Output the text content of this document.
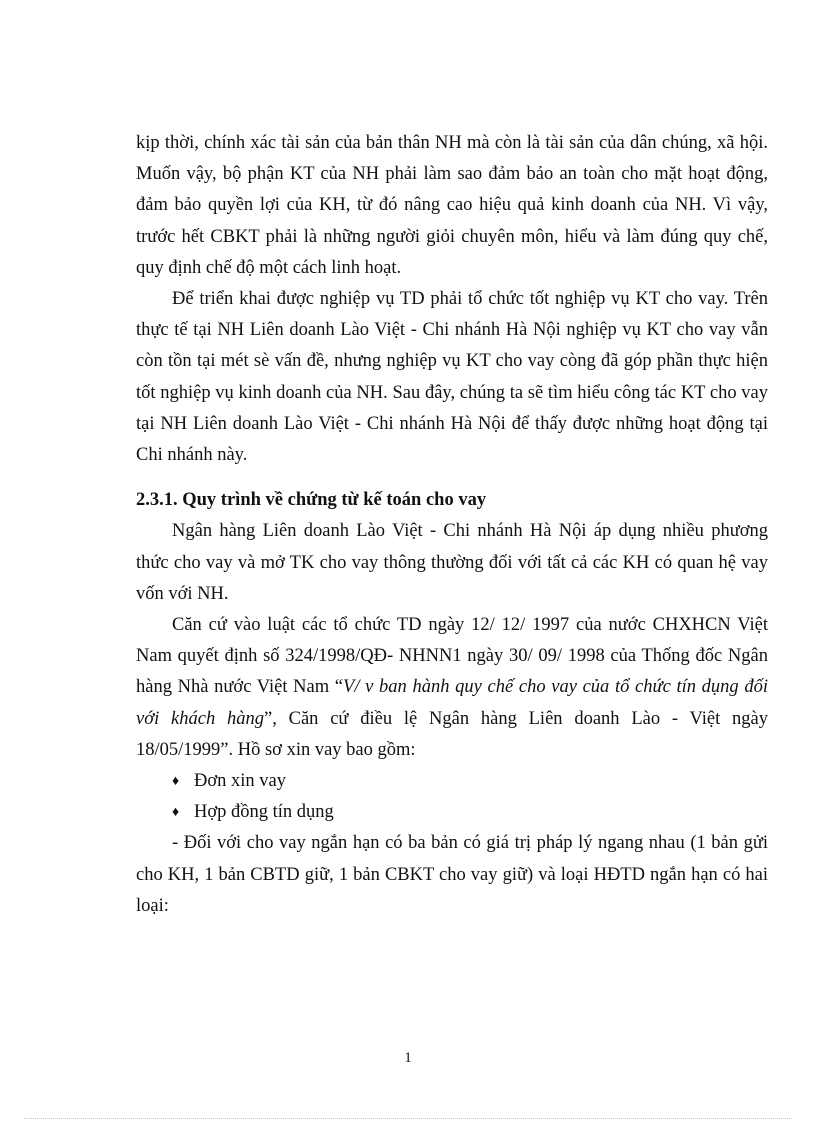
kịp thời, chính xác tài sản của bản thân NH mà còn là tài sản của dân chúng, xã hội. Muốn vậy, bộ phận KT của NH phải làm sao đảm bảo an toàn cho mặt hoạt động, đảm bảo quyền lợi của KH, từ đó nâng cao hiệu quả kinh doanh của NH. Vì vậy, trước hết CBKT phải là những người giỏi chuyên môn, hiểu và làm đúng quy chế, quy định chế độ một cách linh hoạt.

Để triển khai được nghiệp vụ TD phải tổ chức tốt nghiệp vụ KT cho vay. Trên thực tế tại NH Liên doanh Lào Việt - Chi nhánh Hà Nội nghiệp vụ KT cho vay vẫn còn tồn tại mét sè vấn đề, nhưng nghiệp vụ KT cho vay còng đã góp phần thực hiện tốt nghiệp vụ kinh doanh của NH. Sau đây, chúng ta sẽ tìm hiểu công tác KT cho vay tại NH Liên doanh Lào Việt - Chi nhánh Hà Nội để thấy được những hoạt động tại Chi nhánh này.

2.3.1. Quy trình về chứng từ kế toán cho vay

Ngân hàng Liên doanh Lào Việt - Chi nhánh Hà Nội áp dụng nhiều phương thức cho vay và mở TK cho vay thông thường đối với tất cả các KH có quan hệ vay vốn với NH.

Căn cứ vào luật các tổ chức TD ngày 12/ 12/ 1997 của nước CHXHCN Việt Nam quyết định số 324/1998/QĐ- NHNN1 ngày 30/ 09/ 1998 của Thống đốc Ngân hàng Nhà nước Việt Nam “V/ v ban hành quy chế cho vay của tổ chức tín dụng đối với khách hàng”, Căn cứ điều lệ Ngân hàng Liên doanh Lào - Việt ngày 18/05/1999”. Hồ sơ xin vay bao gồm:

♦ Đơn xin vay
♦ Hợp đồng tín dụng

- Đối với cho vay ngắn hạn có ba bản có giá trị pháp lý ngang nhau (1 bản gửi cho KH, 1 bản CBTD giữ, 1 bản CBKT cho vay giữ) và loại HĐTD ngắn hạn có hai loại:

1
